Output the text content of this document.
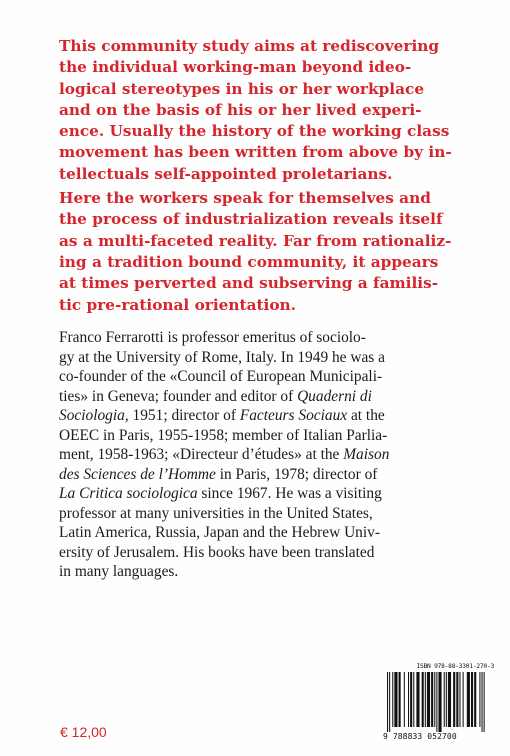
This community study aims at rediscovering
the individual working-man beyond ideo-
logical stereotypes in his or her workplace
and on the basis of his or her lived experi-
ence. Usually the history of the working class
movement has been written from above by in-
tellectuals self-appointed proletarians.
Here the workers speak for themselves and
the process of industrialization reveals itself
as a multi-faceted reality. Far from rationaliz-
ing a tradition bound community, it appears
at times perverted and subserving a familis-
tic pre-rational orientation.
Franco Ferrarotti is professor emeritus of sociolo-
gy at the University of Rome, Italy. In 1949 he was a
co-founder of the «Council of European Municipali-
ties» in Geneva; founder and editor of Quaderni di
Sociologia, 1951; director of Facteurs Sociaux at the
OEEC in Paris, 1955-1958; member of Italian Parlia-
ment, 1958-1963; «Directeur d’études» at the Maison
des Sciences de l’Homme in Paris, 1978; director of
La Critica sociologica since 1967. He was a visiting
professor at many universities in the United States,
Latin America, Russia, Japan and the Hebrew Univ-
ersity of Jerusalem. His books have been translated
in many languages.
ISBN 978-88-3301-270-3
9 788833 052700
€ 12,00
